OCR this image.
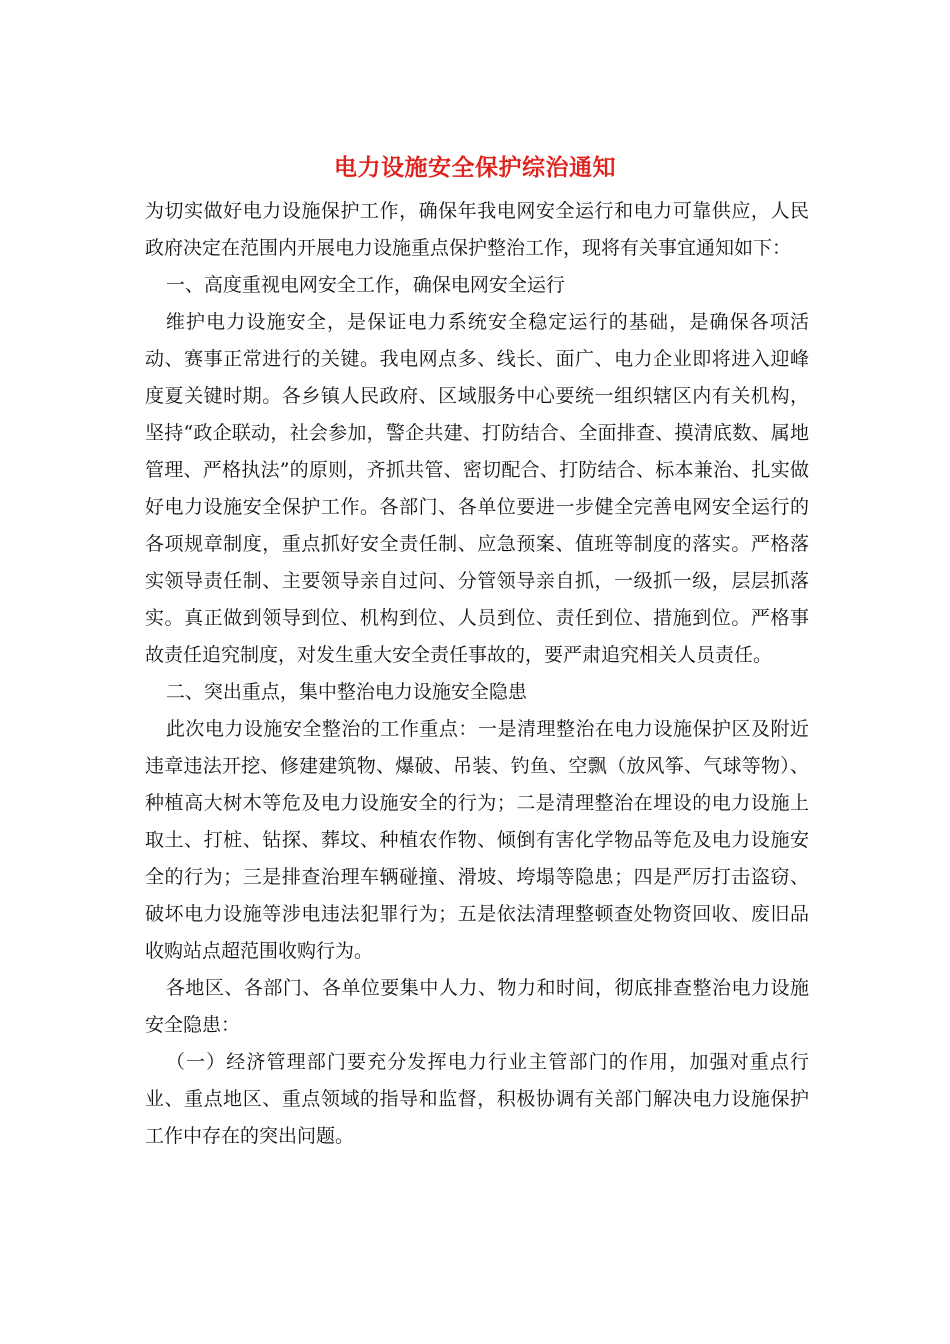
电力设施安全保护综治通知

为切实做好电力设施保护工作，确保年我电网安全运行和电力可靠供应，人民政府决定在范围内开展电力设施重点保护整治工作，现将有关事宜通知如下：

一、高度重视电网安全工作，确保电网安全运行

维护电力设施安全，是保证电力系统安全稳定运行的基础，是确保各项活动、赛事正常进行的关键。我电网点多、线长、面广、电力企业即将进入迎峰度夏关键时期。各乡镇人民政府、区域服务中心要统一组织辖区内有关机构，坚持“政企联动，社会参加，警企共建、打防结合、全面排查、摸清底数、属地管理、严格执法”的原则，齐抓共管、密切配合、打防结合、标本兼治、扎实做好电力设施安全保护工作。各部门、各单位要进一步健全完善电网安全运行的各项规章制度，重点抓好安全责任制、应急预案、值班等制度的落实。严格落实领导责任制、主要领导亲自过问、分管领导亲自抓，一级抓一级，层层抓落实。真正做到领导到位、机构到位、人员到位、责任到位、措施到位。严格事故责任追究制度，对发生重大安全责任事故的，要严肃追究相关人员责任。

二、突出重点，集中整治电力设施安全隐患

此次电力设施安全整治的工作重点：一是清理整治在电力设施保护区及附近违章违法开挖、修建建筑物、爆破、吊装、钓鱼、空飘（放风筝、气球等物）、种植高大树木等危及电力设施安全的行为；二是清理整治在埋设的电力设施上取土、打桩、钻探、葬坟、种植农作物、倾倒有害化学物品等危及电力设施安全的行为；三是排查治理车辆碰撞、滑坡、垮塌等隐患；四是严厉打击盗窃、破坏电力设施等涉电违法犯罪行为；五是依法清理整顿查处物资回收、废旧品收购站点超范围收购行为。

各地区、各部门、各单位要集中人力、物力和时间，彻底排查整治电力设施安全隐患：

（一）经济管理部门要充分发挥电力行业主管部门的作用，加强对重点行业、重点地区、重点领域的指导和监督，积极协调有关部门解决电力设施保护工作中存在的突出问题。
